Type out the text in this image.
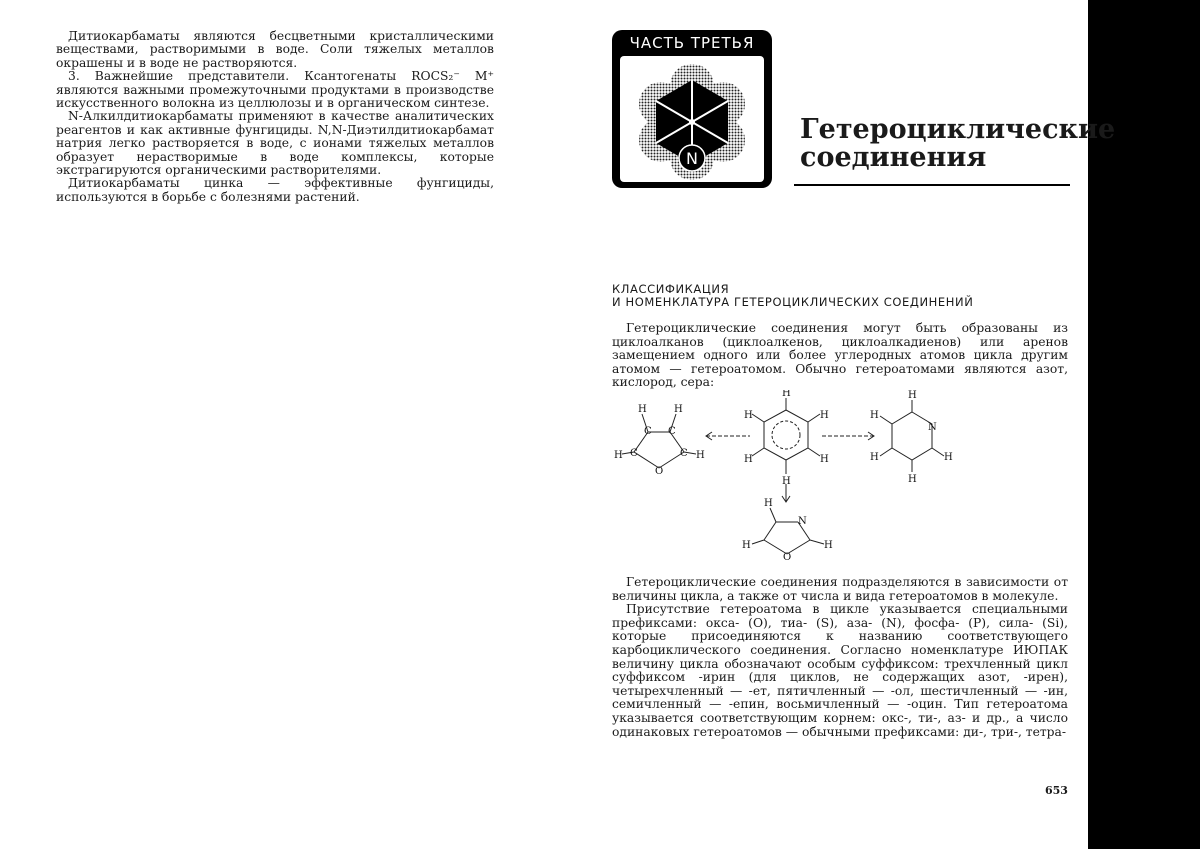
Дитиокарбаматы являются бесцветными кристаллическими веществами, растворимыми в воде. Соли тяжелых металлов окрашены и в воде не растворяются.

3. Важнейшие представители. Ксантогенаты ROCS₂⁻ M⁺ являются важными промежуточными продуктами в производстве искусственного волокна из целлюлозы и в органическом синтезе.

N-Алкилдитиокарбаматы применяют в качестве аналитических реагентов и как активные фунгициды. N,N-Диэтилдитиокарбамат натрия легко растворяется в воде, с ионами тяжелых металлов образует нерастворимые в воде комплексы, которые экстрагируются органическими растворителями.

Дитиокарбаматы цинка — эффективные фунгициды, используются в борьбе с болезнями растений.

ЧАСТЬ ТРЕТЬЯ
N
Гетероциклические
соединения
КЛАССИФИКАЦИЯ
И НОМЕНКЛАТУРА ГЕТЕРОЦИКЛИЧЕСКИХ СОЕДИНЕНИЙ

Гетероциклические соединения могут быть образованы из циклоалканов (циклоалкенов, циклоалкадиенов) или аренов замещением одного или более углеродных атомов цикла другим атомом — гетероатомом. Обычно гетероатомами являются азот, кислород, сера:

Гетероциклические соединения подразделяются в зависимости от величины цикла, а также от числа и вида гетероатомов в молекуле.

Присутствие гетероатома в цикле указывается специальными префиксами: окса- (O), тиа- (S), аза- (N), фосфа- (P), сила- (Si), которые присоединяются к названию соответствующего карбоциклического соединения. Согласно номенклатуре ИЮПАК величину цикла обозначают особым суффиксом: трехчленный цикл суффиксом -ирин (для циклов, не содержащих азот, -ирен), четырехчленный — -ет, пятичленный — -ол, шестичленный — -ин, семичленный — -епин, восьмичленный — -оцин. Тип гетероатома указывается соответствующим корнем: окс-, ти-, аз- и др., а число одинаковых гетероатомов — обычными префиксами: ди-, три-, тетра-

H	H
C C
H C	C H
O
H
H	H
H	H
H
H
H
H	H
H
N
H
N
H	H
O
653
